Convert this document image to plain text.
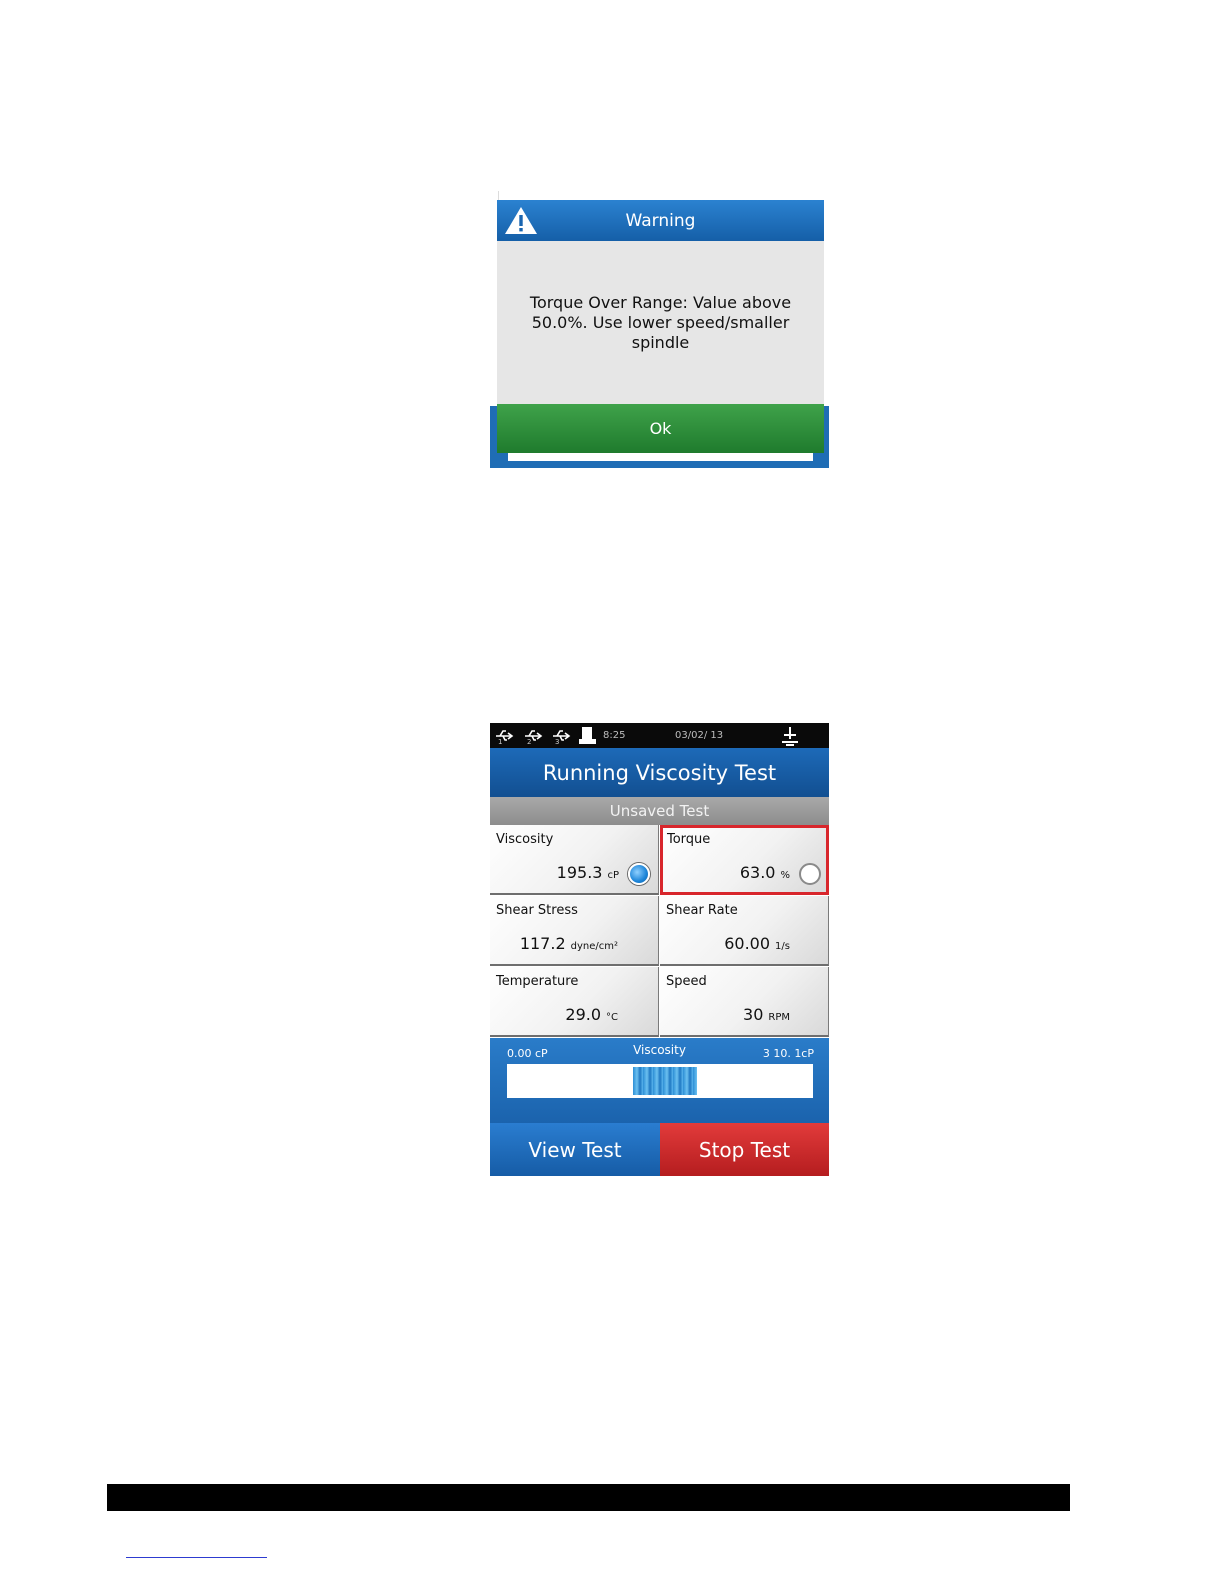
Warning
Torque Over Range: Value above 50.0%. Use lower speed/smaller spindle
Ok
1	2	3
8:25	03/02/ 13
Running Viscosity Test
Unsaved Test
Viscosity
195.3 cP
Torque
63.0 %
Shear Stress
117.2 dyne/cm²
Shear Rate
60.00 1/s
Temperature
29.0 °C
Speed
30 RPM
0.00 cP	Viscosity	3 10. 1cP
View Test	Stop Test
